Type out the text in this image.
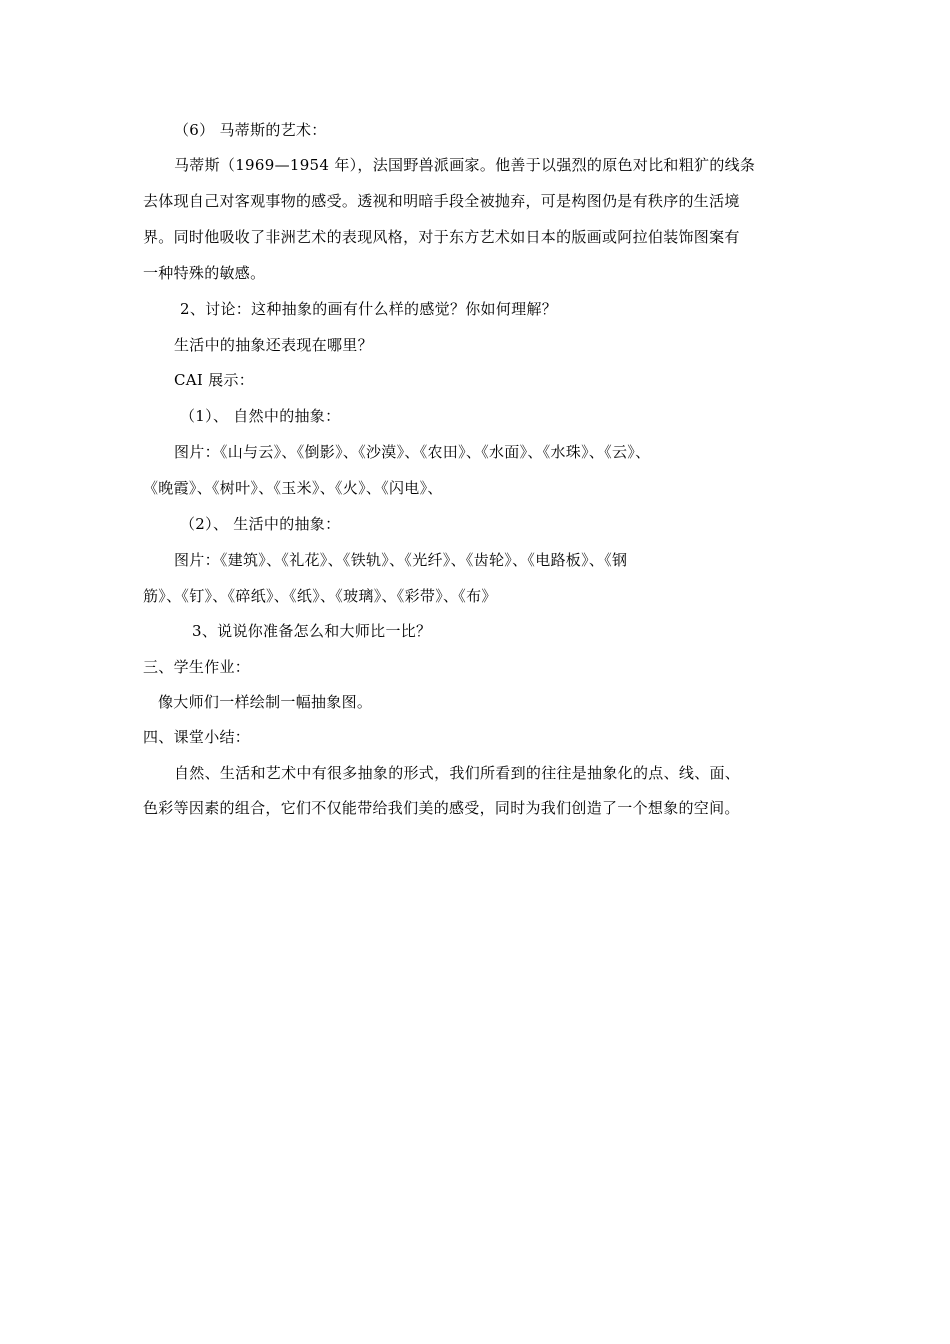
（6） 马蒂斯的艺术：
马蒂斯（1969—1954 年），法国野兽派画家。他善于以强烈的原色对比和粗犷的线条
去体现自己对客观事物的感受。透视和明暗手段全被抛弃，可是构图仍是有秩序的生活境
界。同时他吸收了非洲艺术的表现风格，对于东方艺术如日本的版画或阿拉伯装饰图案有
一种特殊的敏感。
2、讨论：这种抽象的画有什么样的感觉？你如何理解？
生活中的抽象还表现在哪里？
CAI 展示：
（1）、 自然中的抽象：
图片：《山与云》、《倒影》、《沙漠》、《农田》、《水面》、《水珠》、《云》、
《晚霞》、《树叶》、《玉米》、《火》、《闪电》、
（2）、 生活中的抽象：
图片：《建筑》、《礼花》、《铁轨》、《光纤》、《齿轮》、《电路板》、《钢
筋》、《钉》、《碎纸》、《纸》、《玻璃》、《彩带》、《布》
3、说说你准备怎么和大师比一比？
三、学生作业：
像大师们一样绘制一幅抽象图。
四、课堂小结：
自然、生活和艺术中有很多抽象的形式，我们所看到的往往是抽象化的点、线、面、
色彩等因素的组合，它们不仅能带给我们美的感受，同时为我们创造了一个想象的空间。
